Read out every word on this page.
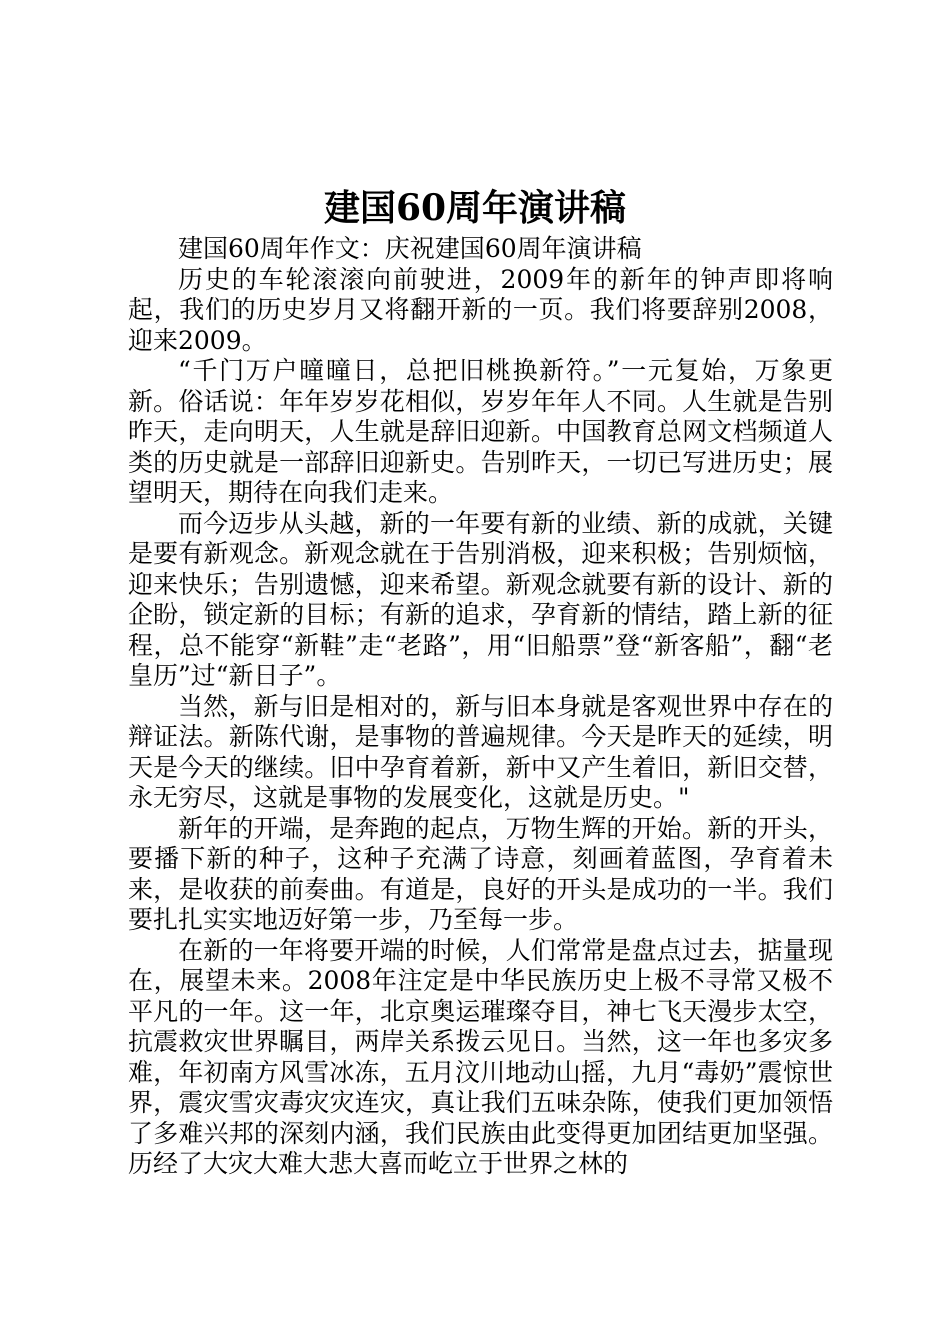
建国60周年演讲稿

建国60周年作文：庆祝建国60周年演讲稿

历史的车轮滚滚向前驶进，2009年的新年的钟声即将响起，我们的历史岁月又将翻开新的一页。我们将要辞别2008，迎来2009。

“千门万户曈曈日，总把旧桃换新符。”一元复始，万象更新。俗话说：年年岁岁花相似，岁岁年年人不同。人生就是告别昨天，走向明天，人生就是辞旧迎新。中国教育总网文档频道人类的历史就是一部辞旧迎新史。告别昨天，一切已写进历史；展望明天，期待在向我们走来。

而今迈步从头越，新的一年要有新的业绩、新的成就，关键是要有新观念。新观念就在于告别消极，迎来积极；告别烦恼，迎来快乐；告别遗憾，迎来希望。新观念就要有新的设计、新的企盼，锁定新的目标；有新的追求，孕育新的情结，踏上新的征程，总不能穿“新鞋”走“老路”，用“旧船票”登“新客船”，翻“老皇历”过“新日子”。

当然，新与旧是相对的，新与旧本身就是客观世界中存在的辩证法。新陈代谢，是事物的普遍规律。今天是昨天的延续，明天是今天的继续。旧中孕育着新，新中又产生着旧，新旧交替，永无穷尽，这就是事物的发展变化，这就是历史。"

新年的开端，是奔跑的起点，万物生辉的开始。新的开头，要播下新的种子，这种子充满了诗意，刻画着蓝图，孕育着未来，是收获的前奏曲。有道是，良好的开头是成功的一半。我们要扎扎实实地迈好第一步，乃至每一步。

在新的一年将要开端的时候，人们常常是盘点过去，掂量现在，展望未来。2008年注定是中华民族历史上极不寻常又极不平凡的一年。这一年，北京奥运璀璨夺目，神七飞天漫步太空，抗震救灾世界瞩目，两岸关系拨云见日。当然，这一年也多灾多难，年初南方风雪冰冻，五月汶川地动山摇，九月“毒奶”震惊世界，震灾雪灾毒灾灾连灾，真让我们五味杂陈，使我们更加领悟了多难兴邦的深刻内涵，我们民族由此变得更加团结更加坚强。历经了大灾大难大悲大喜而屹立于世界之林的
